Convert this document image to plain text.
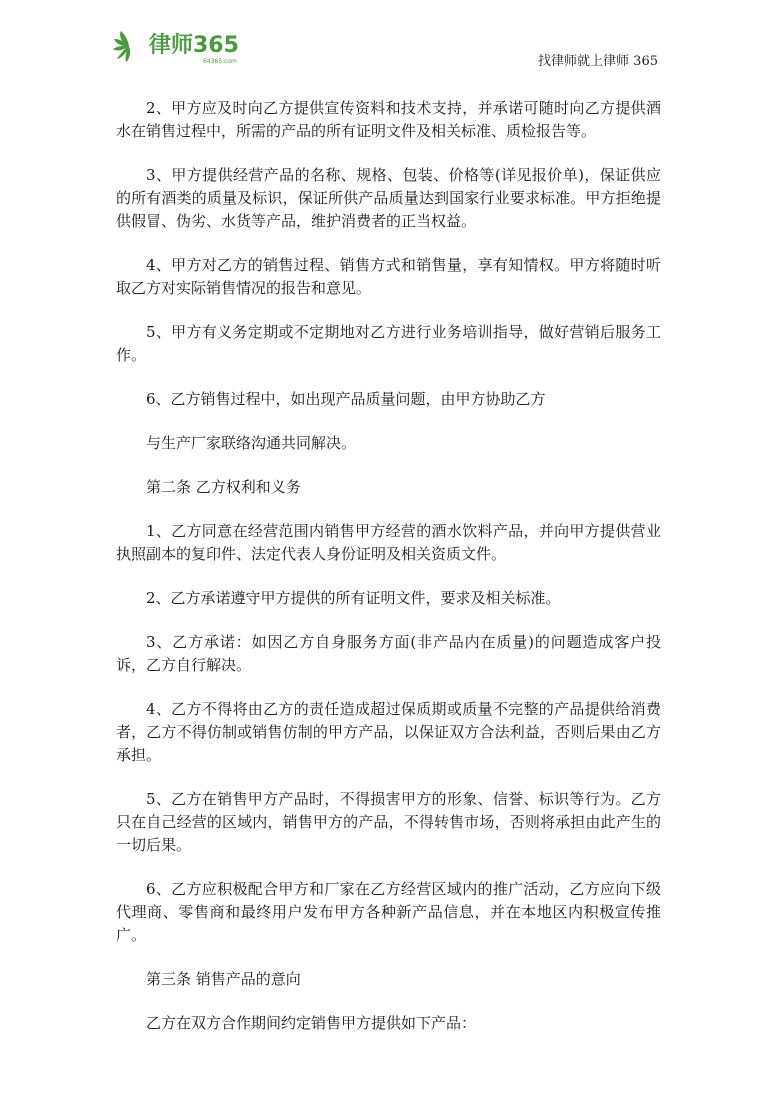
律师365
64365.com	找律师就上律师 365

2、甲方应及时向乙方提供宣传资料和技术支持，并承诺可随时向乙方提供酒水在销售过程中，所需的产品的所有证明文件及相关标准、质检报告等。

3、甲方提供经营产品的名称、规格、包装、价格等(详见报价单)，保证供应的所有酒类的质量及标识，保证所供产品质量达到国家行业要求标准。甲方拒绝提供假冒、伪劣、水货等产品，维护消费者的正当权益。

4、甲方对乙方的销售过程、销售方式和销售量，享有知情权。甲方将随时听取乙方对实际销售情况的报告和意见。

5、甲方有义务定期或不定期地对乙方进行业务培训指导，做好营销后服务工作。

6、乙方销售过程中，如出现产品质量问题，由甲方协助乙方

与生产厂家联络沟通共同解决。

第二条 乙方权利和义务

1、乙方同意在经营范围内销售甲方经营的酒水饮料产品，并向甲方提供营业执照副本的复印件、法定代表人身份证明及相关资质文件。

2、乙方承诺遵守甲方提供的所有证明文件，要求及相关标准。

3、乙方承诺：如因乙方自身服务方面(非产品内在质量)的问题造成客户投诉，乙方自行解决。

4、乙方不得将由乙方的责任造成超过保质期或质量不完整的产品提供给消费者，乙方不得仿制或销售仿制的甲方产品，以保证双方合法利益，否则后果由乙方承担。

5、乙方在销售甲方产品时，不得损害甲方的形象、信誉、标识等行为。乙方只在自己经营的区域内，销售甲方的产品，不得转售市场，否则将承担由此产生的一切后果。

6、乙方应积极配合甲方和厂家在乙方经营区域内的推广活动，乙方应向下级代理商、零售商和最终用户发布甲方各种新产品信息，并在本地区内积极宣传推广。

第三条 销售产品的意向

乙方在双方合作期间约定销售甲方提供如下产品：
